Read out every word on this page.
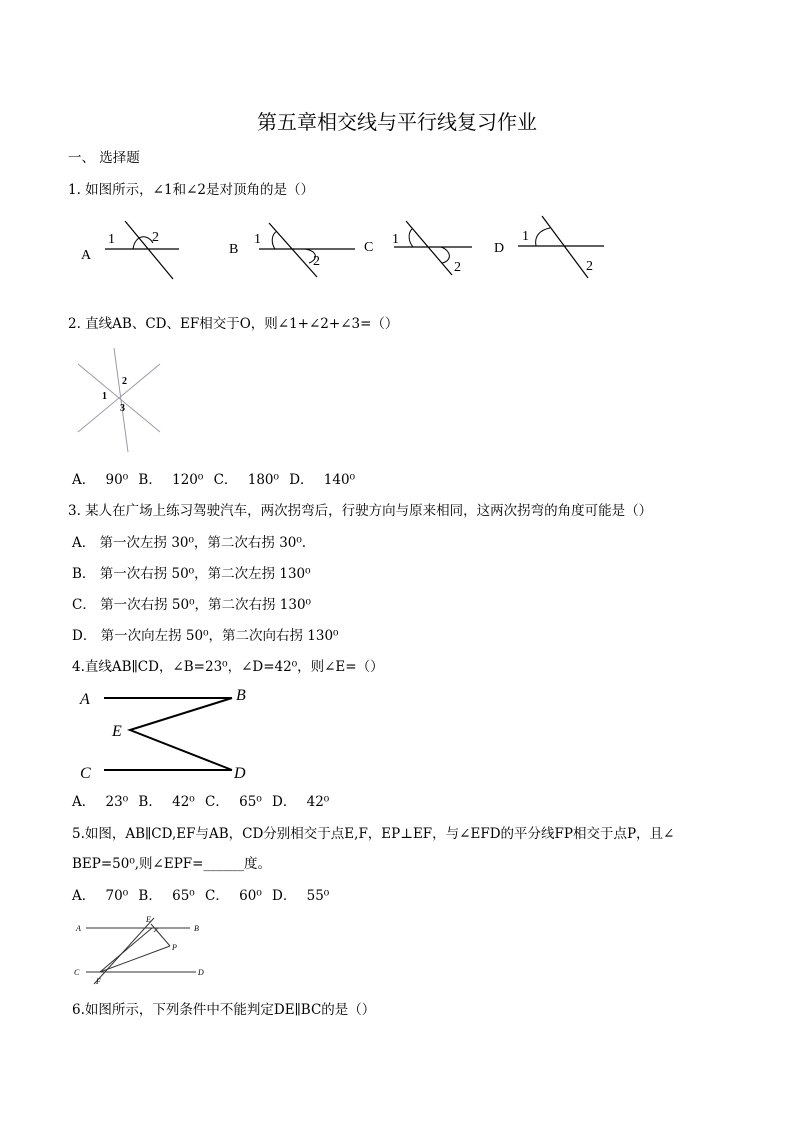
第五章相交线与平行线复习作业
一、 选择题
1. 如图所示，∠1和∠2是对顶角的是（）
A
1	2
B
1
2
C
1
2
D
1
2
2. 直线AB、CD、EF相交于O，则∠1+∠2+∠3=（）
1
2
3
A． 90⁰ B． 120⁰ C． 180⁰ D． 140⁰
3. 某人在广场上练习驾驶汽车，两次拐弯后，行驶方向与原来相同，这两次拐弯的角度可能是（）
A． 第一次左拐 30⁰，第二次右拐 30⁰.
B． 第一次右拐 50⁰，第二次左拐 130⁰
C． 第一次右拐 50⁰，第二次右拐 130⁰
D． 第一次向左拐 50⁰，第二次向右拐 130⁰
4.直线AB∥CD，∠B=23⁰，∠D=42⁰，则∠E=（）
A	B
E
C	D
A． 23⁰ B． 42⁰ C． 65⁰ D． 42⁰
5.如图，AB∥CD,EF与AB，CD分别相交于点E,F，EP⊥EF，与∠EFD的平分线FP相交于点P，且∠
BEP=50⁰,则∠EPF=______度。
A． 70⁰ B． 65⁰ C． 60⁰ D． 55⁰
A	B
E
P
C	D
F
6.如图所示，下列条件中不能判定DE∥BC的是（）
